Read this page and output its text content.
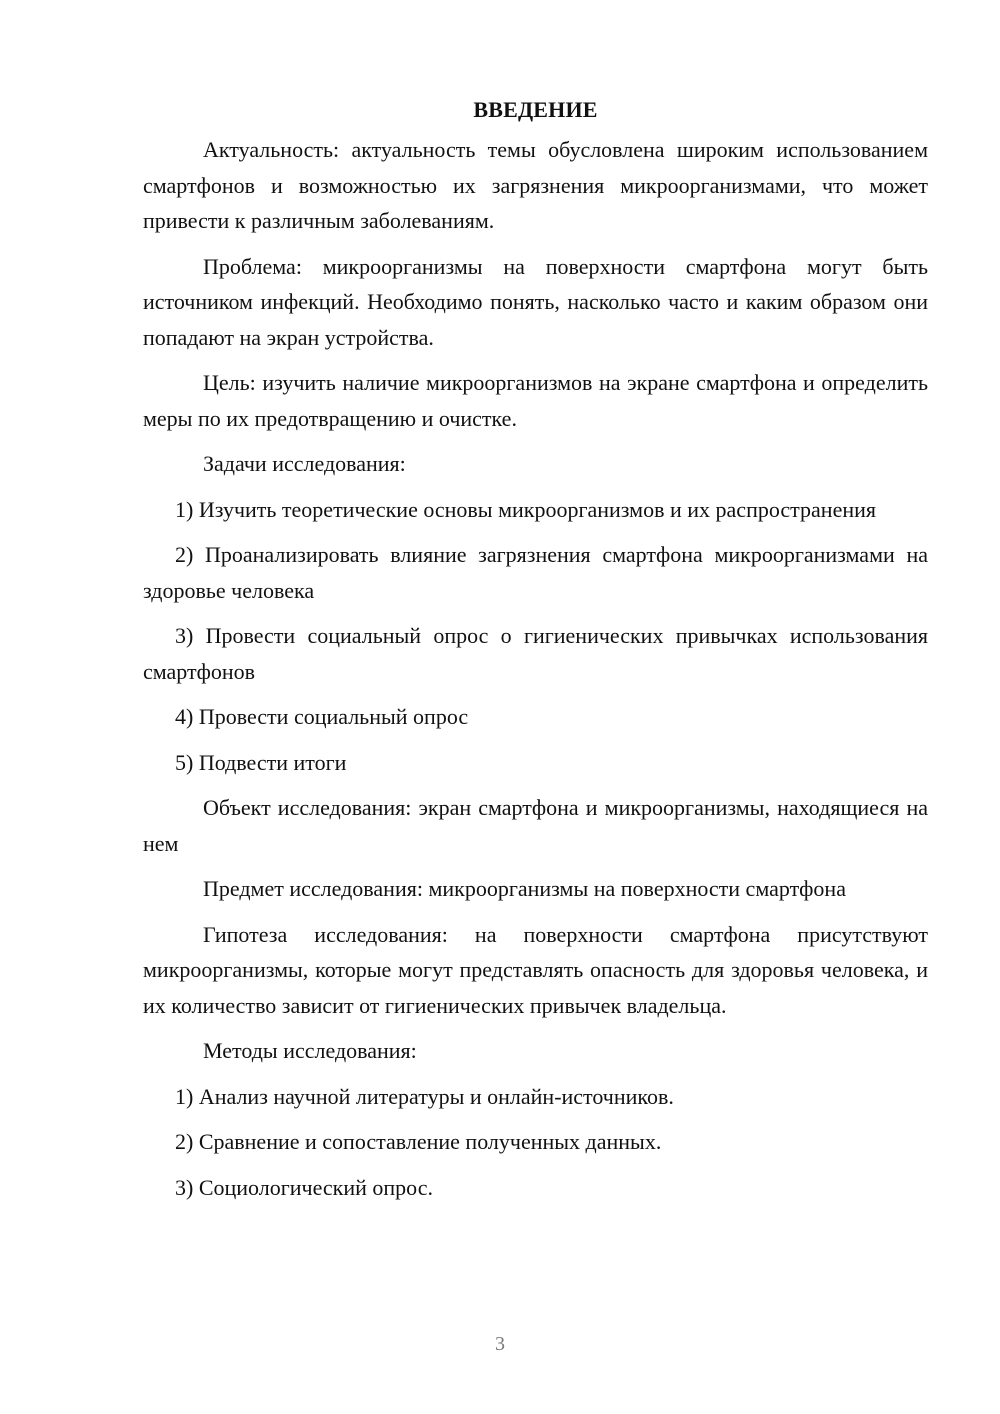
ВВЕДЕНИЕ

Актуальность: актуальность темы обусловлена широким использованием смартфонов и возможностью их загрязнения микроорганизмами, что может привести к различным заболеваниям.

Проблема: микроорганизмы на поверхности смартфона могут быть источником инфекций. Необходимо понять, насколько часто и каким образом они попадают на экран устройства.

Цель: изучить наличие микроорганизмов на экране смартфона и определить меры по их предотвращению и очистке.

Задачи исследования:

1) Изучить теоретические основы микроорганизмов и их распространения

2) Проанализировать влияние загрязнения смартфона микроорганизмами на здоровье человека

3) Провести социальный опрос о гигиенических привычках использования смартфонов

4) Провести социальный опрос

5) Подвести итоги

Объект исследования: экран смартфона и микроорганизмы, находящиеся на нем

Предмет исследования: микроорганизмы на поверхности смартфона

Гипотеза исследования: на поверхности смартфона присутствуют микроорганизмы, которые могут представлять опасность для здоровья человека, и их количество зависит от гигиенических привычек владельца.

Методы исследования:

1) Анализ научной литературы и онлайн-источников.

2) Сравнение и сопоставление полученных данных.

3) Социологический опрос.

3
